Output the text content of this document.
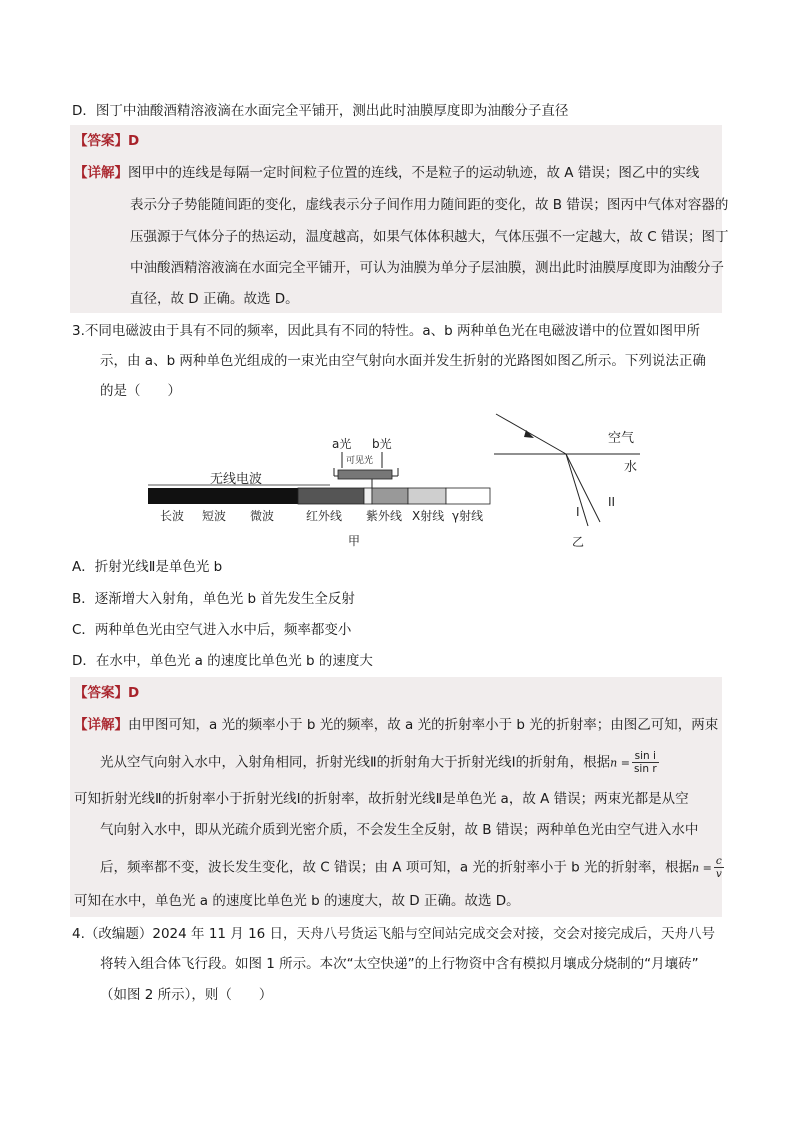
D．图丁中油酸酒精溶液滴在水面完全平铺开，测出此时油膜厚度即为油酸分子直径
【答案】D
【详解】图甲中的连线是每隔一定时间粒子位置的连线，不是粒子的运动轨迹，故 A 错误；图乙中的实线
表示分子势能随间距的变化，虚线表示分子间作用力随间距的变化，故 B 错误；图丙中气体对容器的
压强源于气体分子的热运动，温度越高，如果气体体积越大，气体压强不一定越大，故 C 错误；图丁
中油酸酒精溶液滴在水面完全平铺开，可认为油膜为单分子层油膜，测出此时油膜厚度即为油酸分子
直径，故 D 正确。故选 D。
3.不同电磁波由于具有不同的频率，因此具有不同的特性。a、b 两种单色光在电磁波谱中的位置如图甲所
示，由 a、b 两种单色光组成的一束光由空气射向水面并发生折射的光路图如图乙所示。下列说法正确
的是（　　）
a光 b光
可见光
无线电波
长波 短波 微波	红外线 紫外线 X射线 γ射线
甲
空气
水
I
II
乙
A．折射光线Ⅱ是单色光 b
B．逐渐增大入射角，单色光 b 首先发生全反射
C．两种单色光由空气进入水中后，频率都变小
D．在水中，单色光 a 的速度比单色光 b 的速度大
【答案】D
【详解】由甲图可知，a 光的频率小于 b 光的频率，故 a 光的折射率小于 b 光的折射率；由图乙可知，两束
光从空气向射入水中，入射角相同，折射光线Ⅱ的折射角大于折射光线Ⅰ的折射角，根据$n = \frac{\text{sin i}}{\text{sin r}}$
可知折射光线Ⅱ的折射率小于折射光线Ⅰ的折射率，故折射光线Ⅱ是单色光 a，故 A 错误；两束光都是从空
气向射入水中，即从光疏介质到光密介质，不会发生全反射，故 B 错误；两种单色光由空气进入水中
后，频率都不变，波长发生变化，故 C 错误；由 A 项可知，a 光的折射率小于 b 光的折射率，根据$n = \frac{c}{v}$
可知在水中，单色光 a 的速度比单色光 b 的速度大，故 D 正确。故选 D。
4.（改编题）2024 年 11 月 16 日，天舟八号货运飞船与空间站完成交会对接，交会对接完成后，天舟八号
将转入组合体飞行段。如图 1 所示。本次“太空快递”的上行物资中含有模拟月壤成分烧制的“月壤砖”
（如图 2 所示），则（　　）
